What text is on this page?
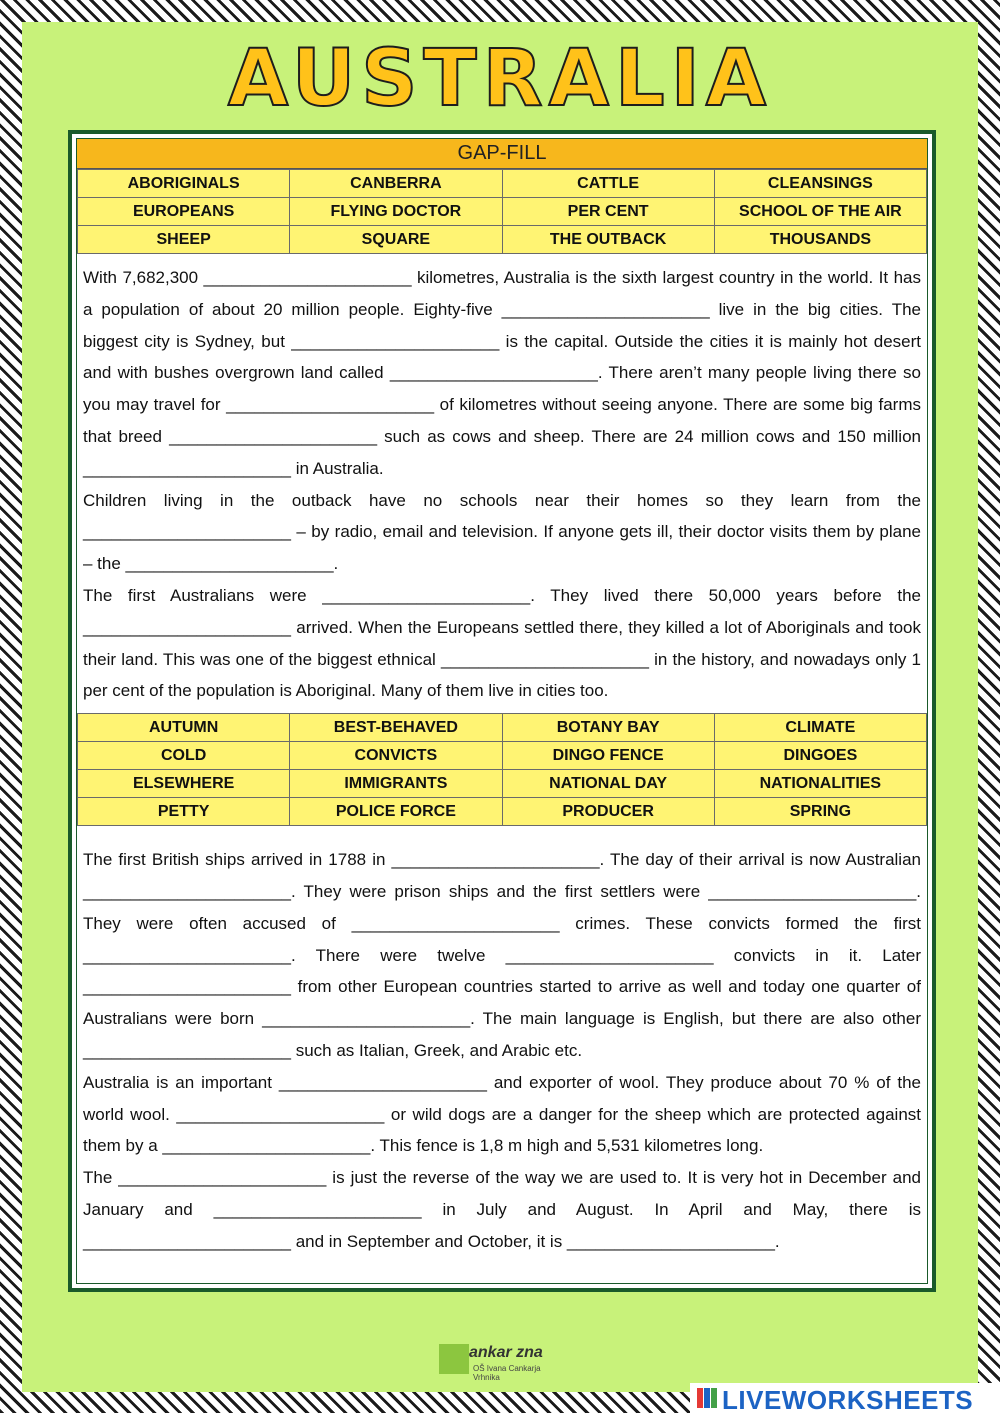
AUSTRALIA
GAP-FILL
ABORIGINALS	CANBERRA	CATTLE	CLEANSINGS
EUROPEANS	FLYING DOCTOR	PER CENT	SCHOOL OF THE AIR
SHEEP	SQUARE	THE OUTBACK	THOUSANDS

With 7,682,300 ______________________ kilometres, Australia is the sixth largest country in the world. It has a population of about 20 million people. Eighty-five ______________________ live in the big cities. The biggest city is Sydney, but ______________________ is the capital. Outside the cities it is mainly hot desert and with bushes overgrown land called ______________________. There aren’t many people living there so you may travel for ______________________ of kilometres without seeing anyone. There are some big farms that breed ______________________ such as cows and sheep. There are 24 million cows and 150 million ______________________ in Australia.

Children living in the outback have no schools near their homes so they learn from the ______________________ – by radio, email and television. If anyone gets ill, their doctor visits them by plane – the ______________________.

The first Australians were ______________________. They lived there 50,000 years before the ______________________ arrived. When the Europeans settled there, they killed a lot of Aboriginals and took their land. This was one of the biggest ethnical ______________________ in the history, and nowadays only 1 per cent of the population is Aboriginal. Many of them live in cities too.

AUTUMN	BEST-BEHAVED	BOTANY BAY	CLIMATE
COLD	CONVICTS	DINGO FENCE	DINGOES
ELSEWHERE	IMMIGRANTS	NATIONAL DAY	NATIONALITIES
PETTY	POLICE FORCE	PRODUCER	SPRING

The first British ships arrived in 1788 in ______________________. The day of their arrival is now Australian ______________________. They were prison ships and the first settlers were ______________________. They were often accused of ______________________ crimes. These convicts formed the first ______________________. There were twelve ______________________ convicts in it. Later ______________________ from other European countries started to arrive as well and today one quarter of Australians were born ______________________. The main language is English, but there are also other ______________________ such as Italian, Greek, and Arabic etc.

Australia is an important ______________________ and exporter of wool. They produce about 70 % of the world wool. ______________________ or wild dogs are a danger for the sheep which are protected against them by a ______________________. This fence is 1,8 m high and 5,531 kilometres long.

The ______________________ is just the reverse of the way we are used to. It is very hot in December and January and ______________________ in July and August. In April and May, there is ______________________ and in September and October, it is ______________________.

ankar zna
OŠ Ivana Cankarja Vrhnika
LIVEWORKSHEETS
